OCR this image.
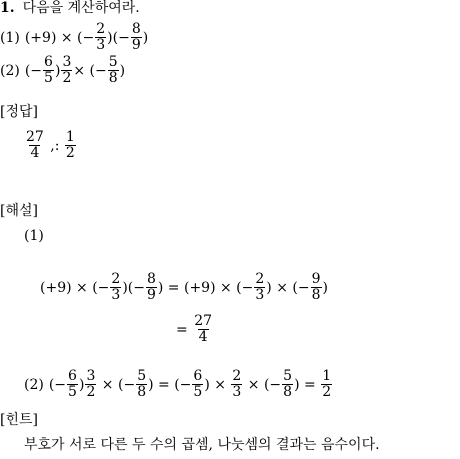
1. 다음을 계산하여라.
(1) (+9) × (− $\frac{2}{3}$ )(− $\frac{8}{9}$ )
(2) (− $\frac{6}{5}$ ) $\frac{3}{2}$ × (− $\frac{5}{8}$ )
[정답]
$\frac{27}{4}$ ,: $\frac{1}{2}$
[해설]
(1)
(+9) × (− $\frac{2}{3}$ )(− $\frac{8}{9}$ ) = (+9) × (− $\frac{2}{3}$ ) × (− $\frac{9}{8}$ )
= $\frac{27}{4}$
(2) (− $\frac{6}{5}$ ) $\frac{3}{2}$ × (− $\frac{5}{8}$ ) = (− $\frac{6}{5}$ ) × $\frac{2}{3}$ × (− $\frac{5}{8}$ ) = $\frac{1}{2}$
[힌트]
부호가 서로 다른 두 수의 곱셈, 나눗셈의 결과는 음수이다.
